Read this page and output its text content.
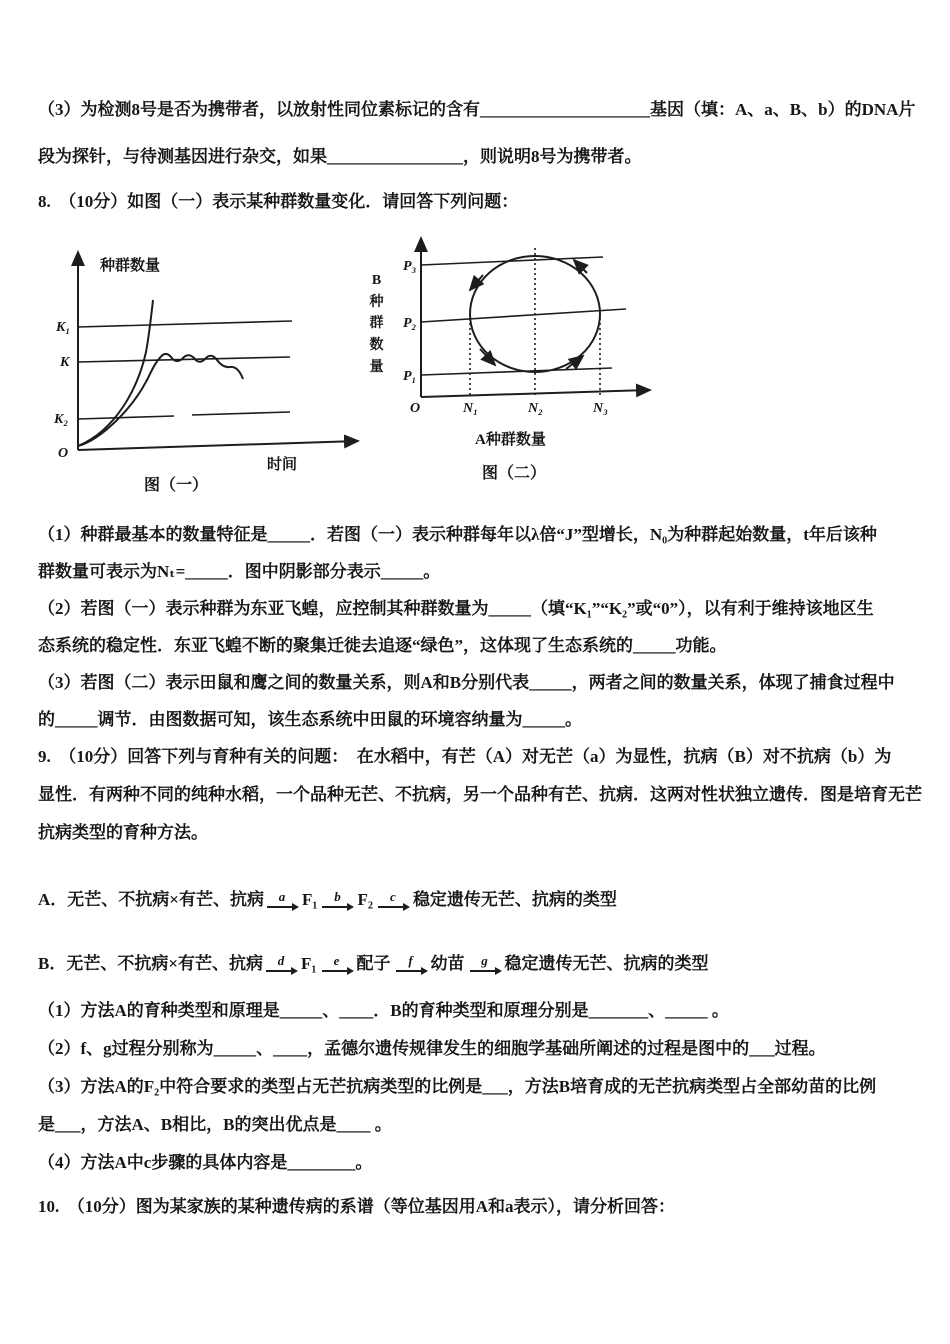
（3）为检测8号是否为携带者，以放射性同位素标记的含有____________________基因（填：A、a、B、b）的DNA片

段为探针，与待测基因进行杂交，如果________________，则说明8号为携带者。

8.　（10分）如图（一）表示某种群数量变化．请回答下列问题：

种群数量
K₁
K
K₂
O
时间
图（一）
B种群数量
P₃
P₂
P₁
O	N₁	N₂	N₃
A种群数量
图（二）

（1）种群最基本的数量特征是_____．若图（一）表示种群每年以λ倍“J”型增长，N₀为种群起始数量，t年后该种

群数量可表示为Nₜ=_____．图中阴影部分表示_____。

（2）若图（一）表示种群为东亚飞蝗，应控制其种群数量为_____（填“K₁”“K₂”或“0”），以有利于维持该地区生

态系统的稳定性．东亚飞蝗不断的聚集迁徙去追逐“绿色”，这体现了生态系统的_____功能。

（3）若图（二）表示田鼠和鹰之间的数量关系，则A和B分别代表_____，两者之间的数量关系，体现了捕食过程中

的_____调节．由图数据可知，该生态系统中田鼠的环境容纳量为_____。

9.　（10分）回答下列与育种有关的问题：　在水稻中，有芒（A）对无芒（a）为显性，抗病（B）对不抗病（b）为

显性．有两种不同的纯种水稻，一个品种无芒、不抗病，另一个品种有芒、抗病．这两对性状独立遗传．图是培育无芒

抗病类型的育种方法。

A．无芒、不抗病×有芒、抗病 a F₁ b F₂ c 稳定遗传无芒、抗病的类型
B．无芒、不抗病×有芒、抗病 d F₁ e 配子 f 幼苗 g 稳定遗传无芒、抗病的类型

（1）方法A的育种类型和原理是_____、____．B的育种类型和原理分别是_______、_____ 。

（2）f、g过程分别称为_____、____，孟德尔遗传规律发生的细胞学基础所阐述的过程是图中的___过程。

（3）方法A的F₂中符合要求的类型占无芒抗病类型的比例是___，方法B培育成的无芒抗病类型占全部幼苗的比例

是___，方法A、B相比，B的突出优点是____ 。

（4）方法A中c步骤的具体内容是________。

10.　（10分）图为某家族的某种遗传病的系谱（等位基因用A和a表示），请分析回答：
